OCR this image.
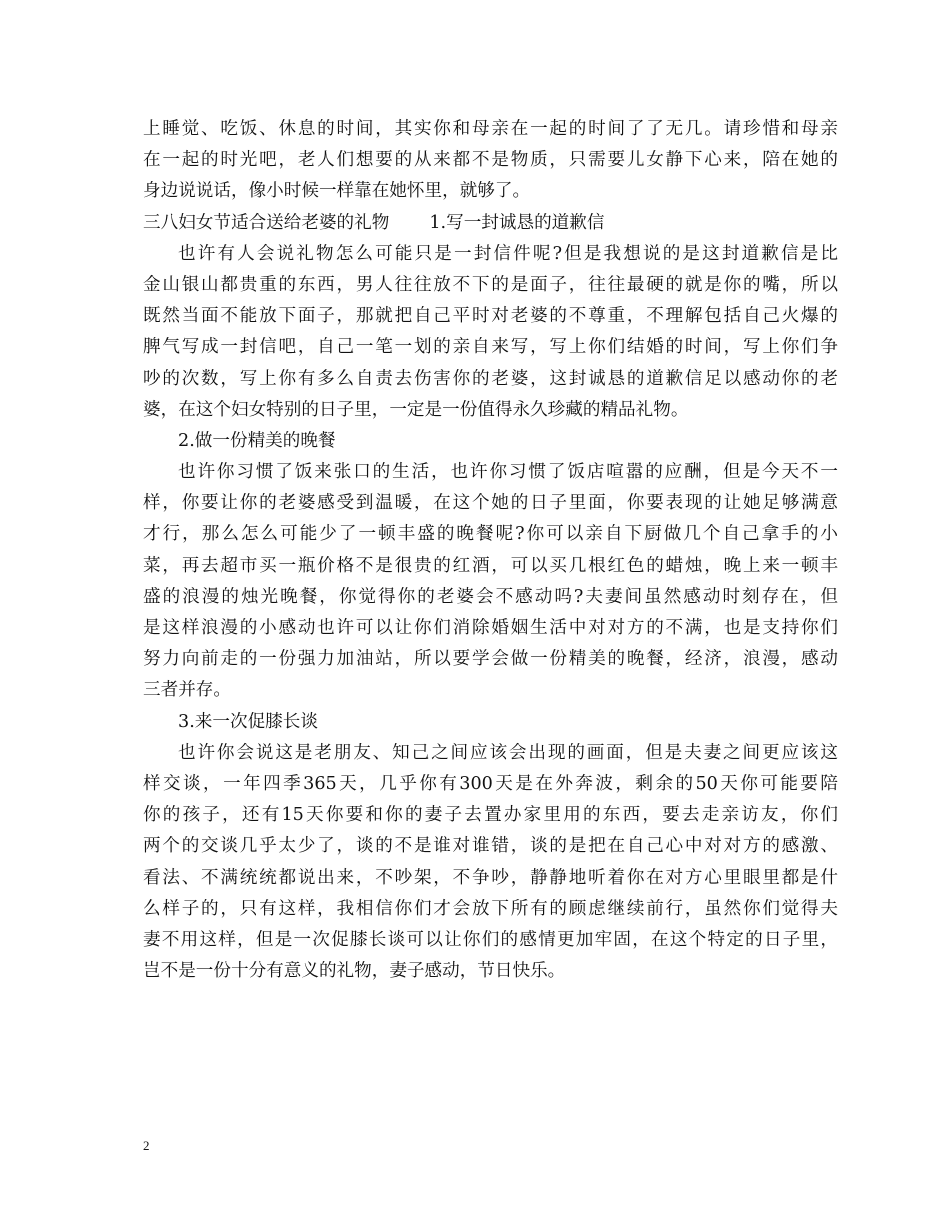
上睡觉、吃饭、休息的时间，其实你和母亲在一起的时间了了无几。请珍惜和母亲
在一起的时光吧，老人们想要的从来都不是物质，只需要儿女静下心来，陪在她的
身边说说话，像小时候一样靠在她怀里，就够了。
三八妇女节适合送给老婆的礼物 1.写一封诚恳的道歉信
也许有人会说礼物怎么可能只是一封信件呢?但是我想说的是这封道歉信是比
金山银山都贵重的东西，男人往往放不下的是面子，往往最硬的就是你的嘴，所以
既然当面不能放下面子，那就把自己平时对老婆的不尊重，不理解包括自己火爆的
脾气写成一封信吧，自己一笔一划的亲自来写，写上你们结婚的时间，写上你们争
吵的次数，写上你有多么自责去伤害你的老婆，这封诚恳的道歉信足以感动你的老
婆，在这个妇女特别的日子里，一定是一份值得永久珍藏的精品礼物。
2.做一份精美的晚餐
也许你习惯了饭来张口的生活，也许你习惯了饭店喧嚣的应酬，但是今天不一
样，你要让你的老婆感受到温暖，在这个她的日子里面，你要表现的让她足够满意
才行，那么怎么可能少了一顿丰盛的晚餐呢?你可以亲自下厨做几个自己拿手的小
菜，再去超市买一瓶价格不是很贵的红酒，可以买几根红色的蜡烛，晚上来一顿丰
盛的浪漫的烛光晚餐，你觉得你的老婆会不感动吗?夫妻间虽然感动时刻存在，但
是这样浪漫的小感动也许可以让你们消除婚姻生活中对对方的不满，也是支持你们
努力向前走的一份强力加油站，所以要学会做一份精美的晚餐，经济，浪漫，感动
三者并存。
3.来一次促膝长谈
也许你会说这是老朋友、知己之间应该会出现的画面，但是夫妻之间更应该这
样交谈，一年四季365天，几乎你有300天是在外奔波，剩余的50天你可能要陪
你的孩子，还有15天你要和你的妻子去置办家里用的东西，要去走亲访友，你们
两个的交谈几乎太少了，谈的不是谁对谁错，谈的是把在自己心中对对方的感激、
看法、不满统统都说出来，不吵架，不争吵，静静地听着你在对方心里眼里都是什
么样子的，只有这样，我相信你们才会放下所有的顾虑继续前行，虽然你们觉得夫
妻不用这样，但是一次促膝长谈可以让你们的感情更加牢固，在这个特定的日子里，
岂不是一份十分有意义的礼物，妻子感动，节日快乐。
2
